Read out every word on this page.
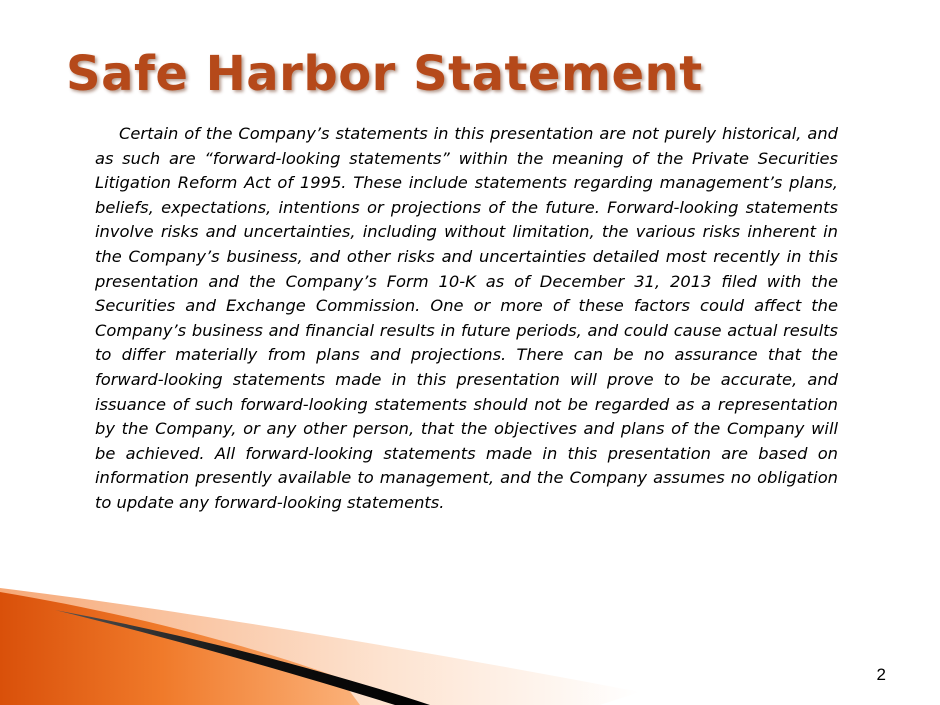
Safe Harbor Statement

Certain of the Company’s statements in this presentation are not purely historical, and as such are “forward-looking statements” within the meaning of the Private Securities Litigation Reform Act of 1995. These include statements regarding management’s plans, beliefs, expectations, intentions or projections of the future. Forward-looking statements involve risks and uncertainties, including without limitation, the various risks inherent in the Company’s business, and other risks and uncertainties detailed most recently in this presentation and the Company’s Form 10-K as of December 31, 2013 filed with the Securities and Exchange Commission. One or more of these factors could affect the Company’s business and financial results in future periods, and could cause actual results to differ materially from plans and projections. There can be no assurance that the forward-looking statements made in this presentation will prove to be accurate, and issuance of such forward-looking statements should not be regarded as a representation by the Company, or any other person, that the objectives and plans of the Company will be achieved. All forward-looking statements made in this presentation are based on information presently available to management, and the Company assumes no obligation to update any forward-looking statements.

2
